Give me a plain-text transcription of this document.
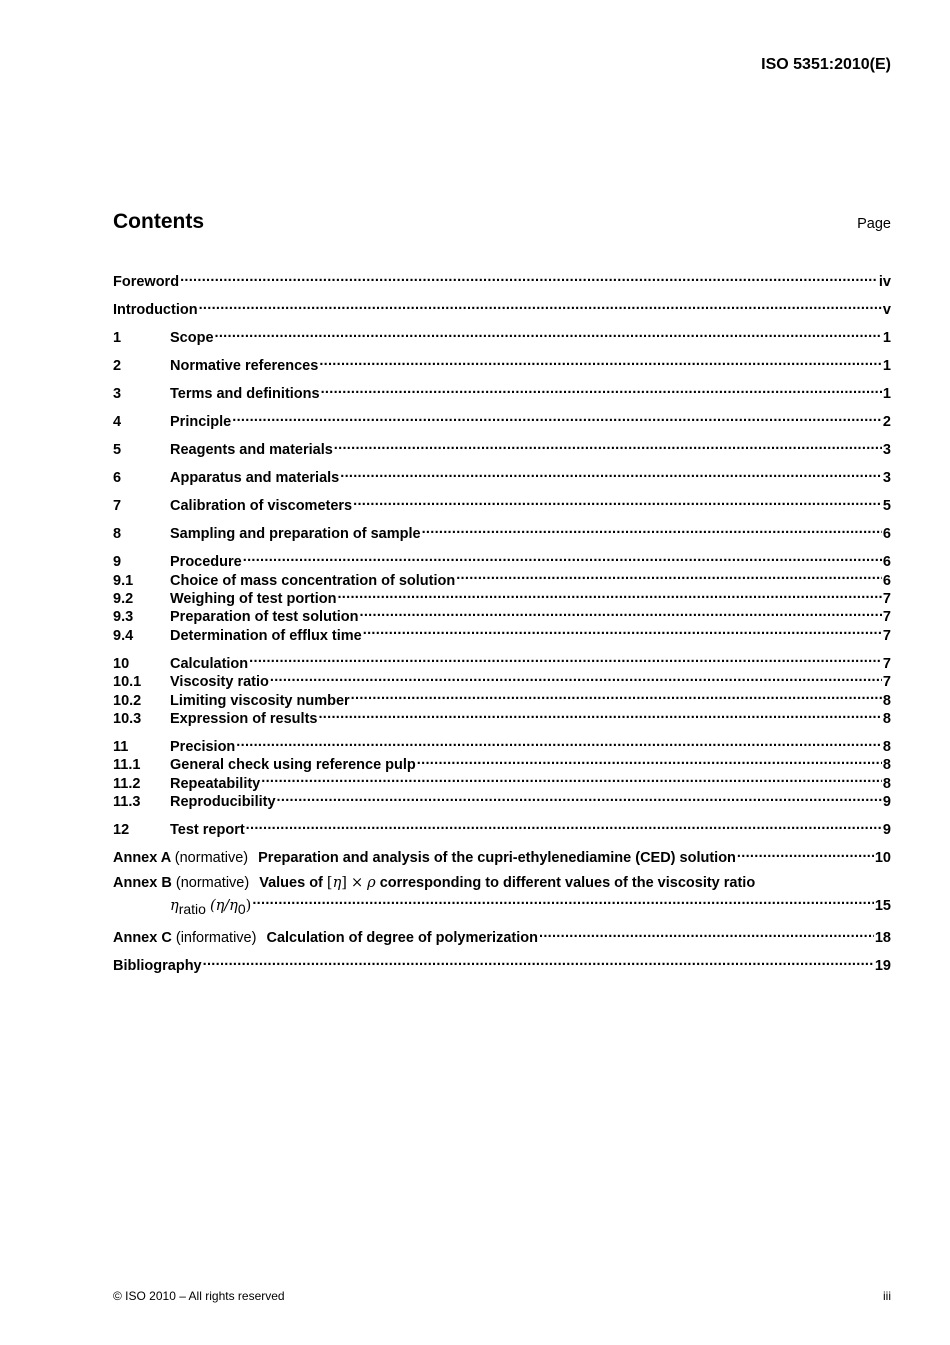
ISO 5351:2010(E)
Contents	Page
Foreword .....	iv
Introduction .....	v
1	Scope .....	1
2	Normative references .....	1
3	Terms and definitions .....	1
4	Principle .....	2
5	Reagents and materials .....	3
6	Apparatus and materials .....	3
7	Calibration of viscometers .....	5
8	Sampling and preparation of sample .....	6
9	Procedure .....	6
9.1	Choice of mass concentration of solution .....	6
9.2	Weighing of test portion .....	7
9.3	Preparation of test solution .....	7
9.4	Determination of efflux time .....	7
10	Calculation .....	7
10.1	Viscosity ratio .....	7
10.2	Limiting viscosity number .....	8
10.3	Expression of results .....	8
11	Precision .....	8
11.1	General check using reference pulp .....	8
11.2	Repeatability .....	8
11.3	Reproducibility .....	9
12	Test report .....	9
Annex A (normative) Preparation and analysis of the cupri-ethylenediamine (CED) solution .....	10
Annex B (normative) Values of [η] × ρ corresponding to different values of the viscosity ratio
ηratio (η/η0) .....	15
Annex C (informative) Calculation of degree of polymerization .....	18
Bibliography .....	19
© ISO 2010 – All rights reserved	iii
